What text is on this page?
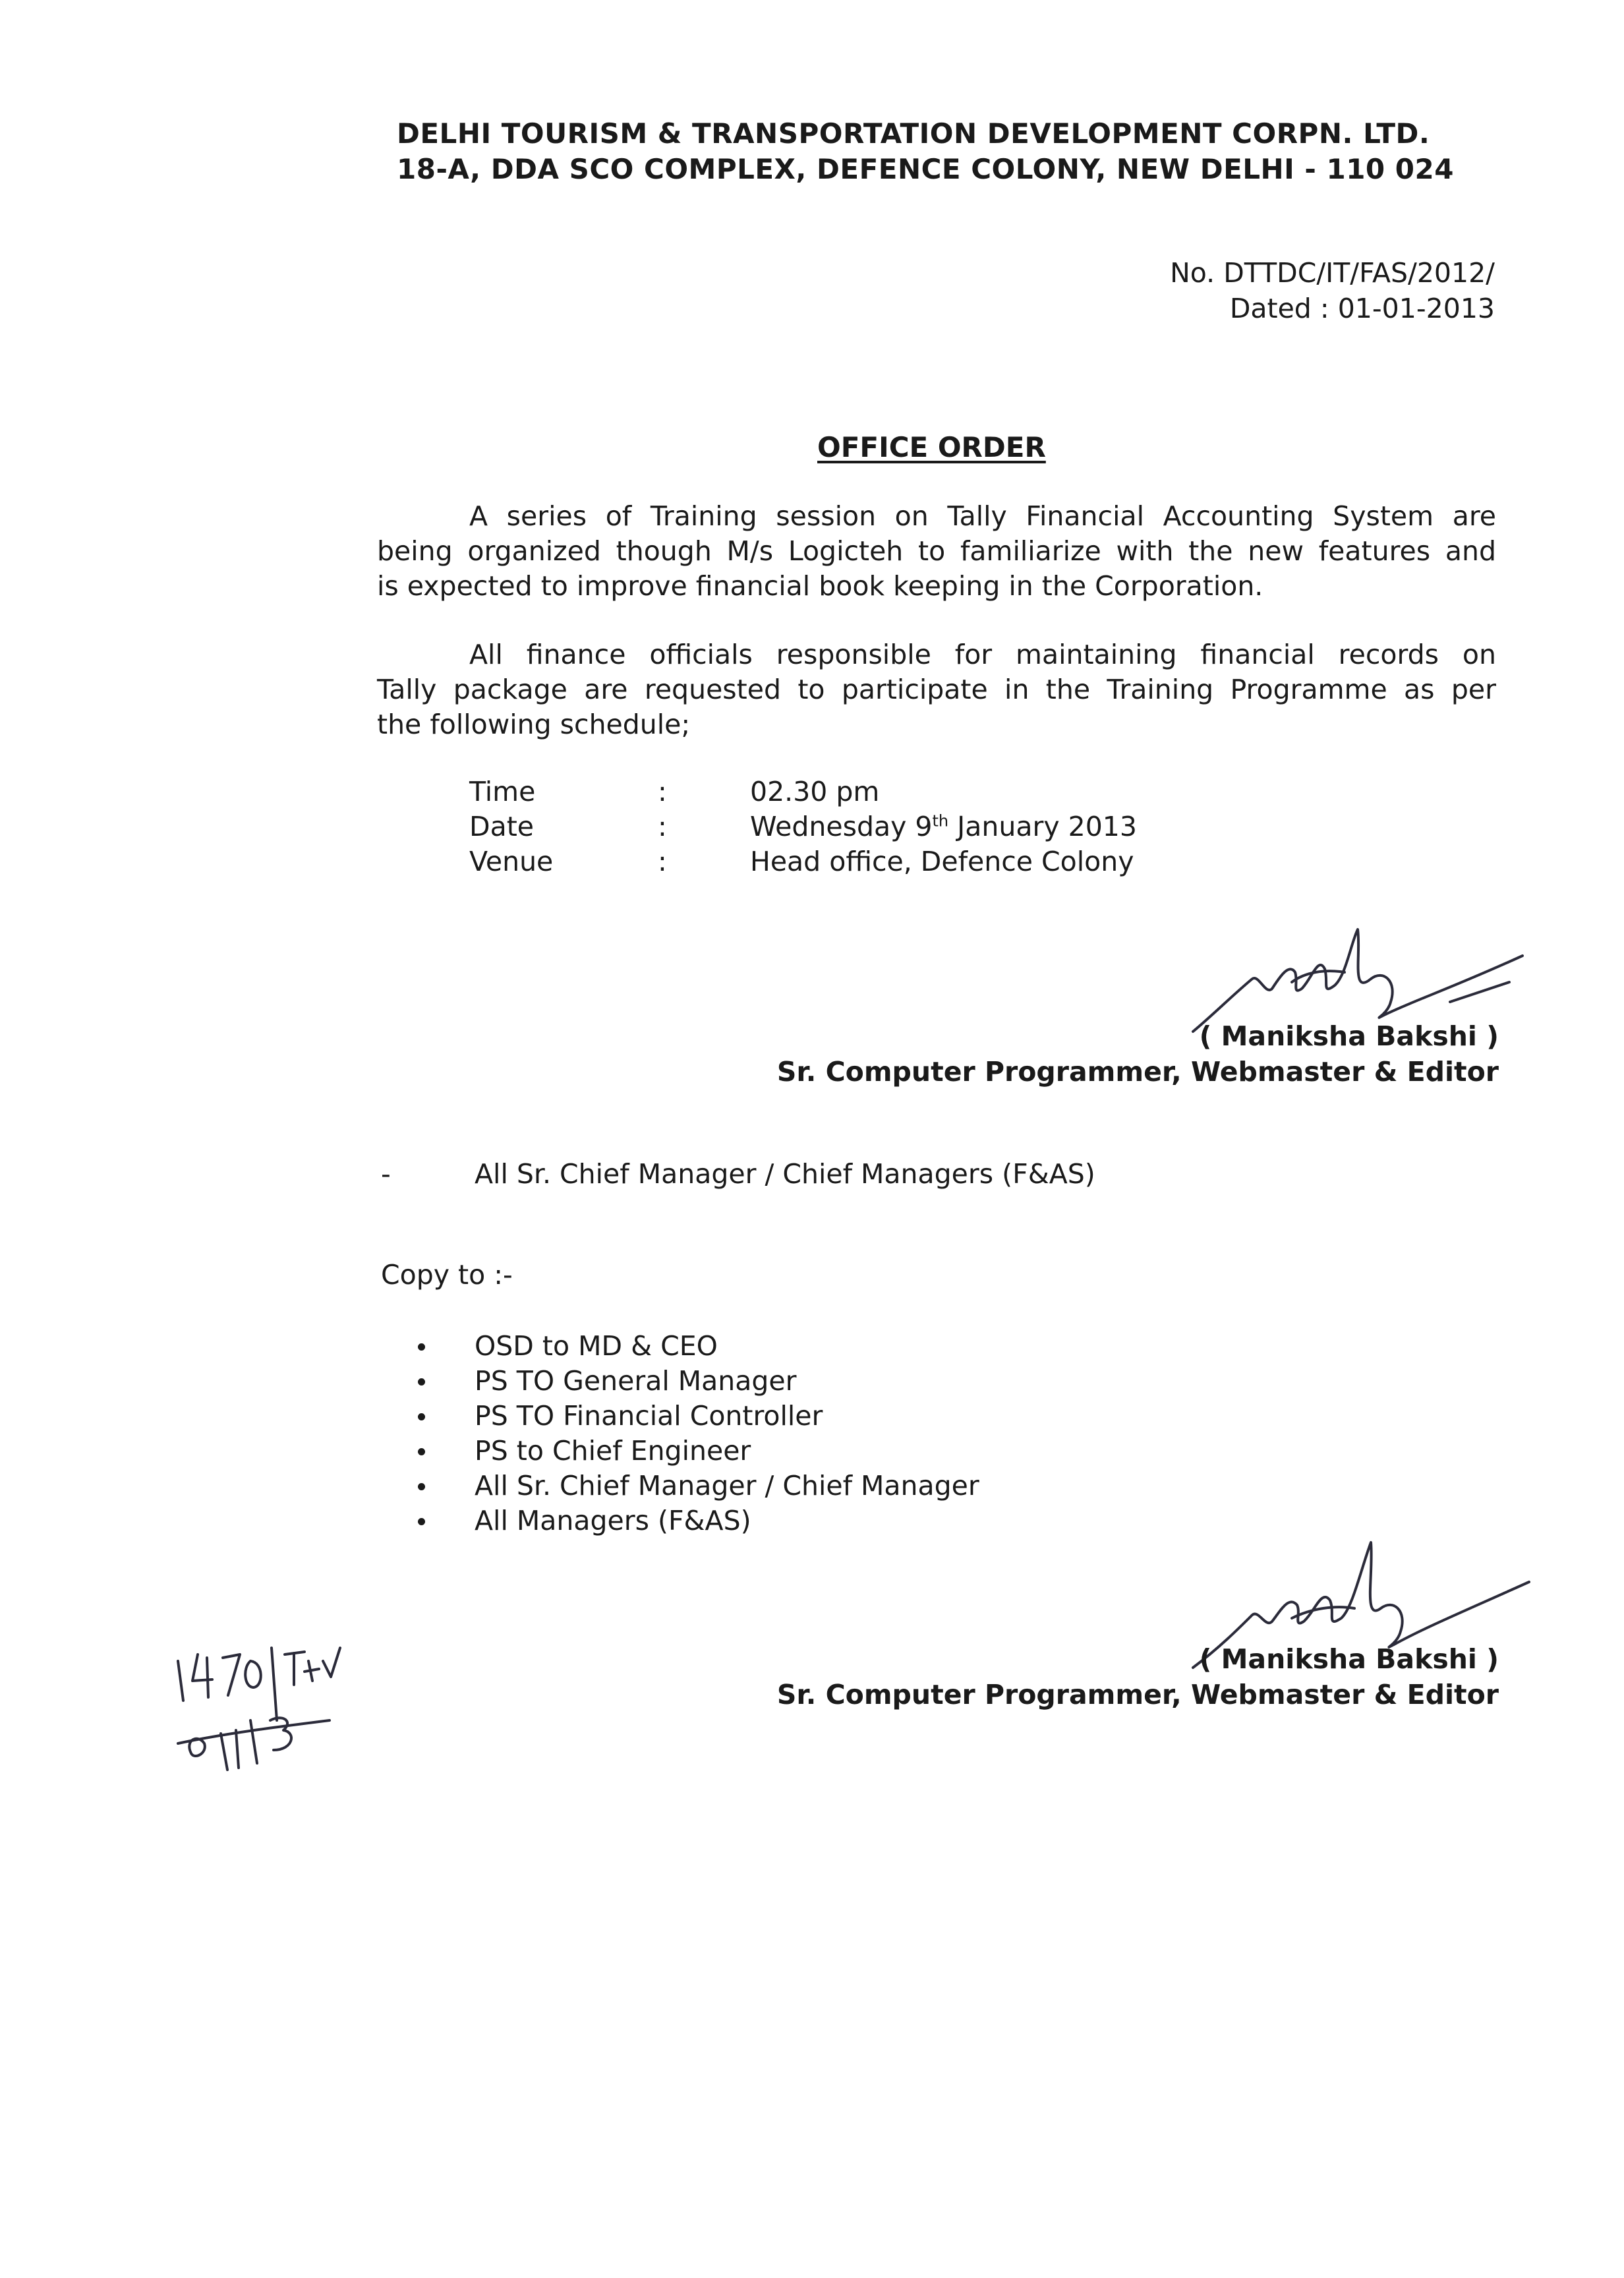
DELHI TOURISM & TRANSPORTATION DEVELOPMENT CORPN. LTD.
18-A, DDA SCO COMPLEX, DEFENCE COLONY, NEW DELHI - 110 024
No. DTTDC/IT/FAS/2012/
Dated : 01-01-2013
OFFICE ORDER
A series of Training session on Tally Financial Accounting System are
being organized though M/s Logicteh to familiarize with the new features and
is expected to improve financial book keeping in the Corporation.
All finance officials responsible for maintaining financial records on
Tally package are requested to participate in the Training Programme as per
the following schedule;
Time	:	02.30 pm
Date	:	Wednesday 9th January 2013
Venue	:	Head office, Defence Colony
( Maniksha Bakshi )
Sr. Computer Programmer, Webmaster & Editor
-	All Sr. Chief Manager / Chief Managers (F&AS)
Copy to :-
OSD to MD & CEO
PS TO General Manager
PS TO Financial Controller
PS to Chief Engineer
All Sr. Chief Manager / Chief Manager
All Managers (F&AS)
( Maniksha Bakshi )
Sr. Computer Programmer, Webmaster & Editor
